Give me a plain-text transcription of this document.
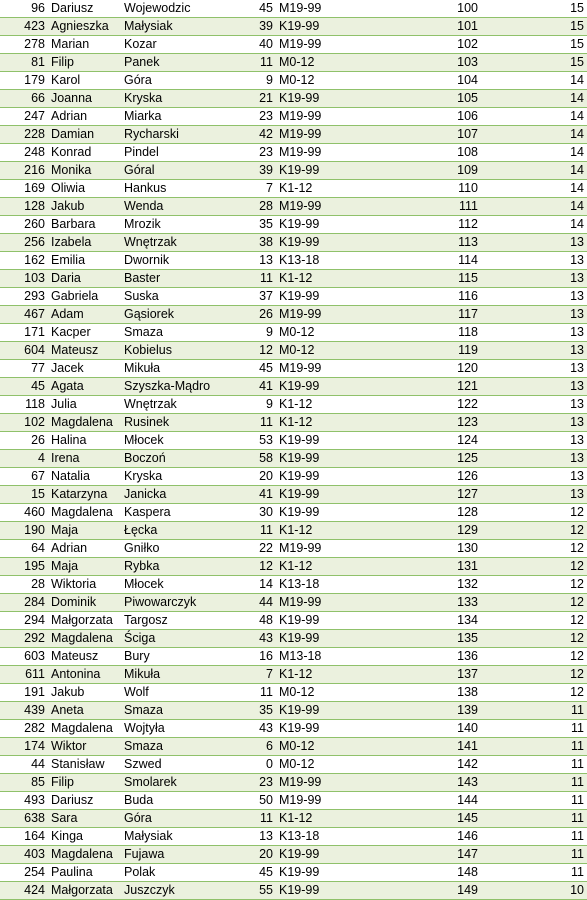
96	Dariusz	Wojewodzic	45	M19-99	100	15
423	Agnieszka	Małysiak	39	K19-99	101	15
278	Marian	Kozar	40	M19-99	102	15
81	Filip	Panek	11	M0-12	103	15
179	Karol	Góra	9	M0-12	104	14
66	Joanna	Kryska	21	K19-99	105	14
247	Adrian	Miarka	23	M19-99	106	14
228	Damian	Rycharski	42	M19-99	107	14
248	Konrad	Pindel	23	M19-99	108	14
216	Monika	Góral	39	K19-99	109	14
169	Oliwia	Hankus	7	K1-12	110	14
128	Jakub	Wenda	28	M19-99	111	14
260	Barbara	Mrozik	35	K19-99	112	14
256	Izabela	Wnętrzak	38	K19-99	113	13
162	Emilia	Dwornik	13	K13-18	114	13
103	Daria	Baster	11	K1-12	115	13
293	Gabriela	Suska	37	K19-99	116	13
467	Adam	Gąsiorek	26	M19-99	117	13
171	Kacper	Smaza	9	M0-12	118	13
604	Mateusz	Kobielus	12	M0-12	119	13
77	Jacek	Mikuła	45	M19-99	120	13
45	Agata	Szyszka-Mądro	41	K19-99	121	13
118	Julia	Wnętrzak	9	K1-12	122	13
102	Magdalena	Rusinek	11	K1-12	123	13
26	Halina	Młocek	53	K19-99	124	13
4	Irena	Boczoń	58	K19-99	125	13
67	Natalia	Kryska	20	K19-99	126	13
15	Katarzyna	Janicka	41	K19-99	127	13
460	Magdalena	Kaspera	30	K19-99	128	12
190	Maja	Łęcka	11	K1-12	129	12
64	Adrian	Gniłko	22	M19-99	130	12
195	Maja	Rybka	12	K1-12	131	12
28	Wiktoria	Młocek	14	K13-18	132	12
284	Dominik	Piwowarczyk	44	M19-99	133	12
294	Małgorzata	Targosz	48	K19-99	134	12
292	Magdalena	Ściga	43	K19-99	135	12
603	Mateusz	Bury	16	M13-18	136	12
611	Antonina	Mikuła	7	K1-12	137	12
191	Jakub	Wolf	11	M0-12	138	12
439	Aneta	Smaza	35	K19-99	139	11
282	Magdalena	Wojtyła	43	K19-99	140	11
174	Wiktor	Smaza	6	M0-12	141	11
44	Stanisław	Szwed	0	M0-12	142	11
85	Filip	Smolarek	23	M19-99	143	11
493	Dariusz	Buda	50	M19-99	144	11
638	Sara	Góra	11	K1-12	145	11
164	Kinga	Małysiak	13	K13-18	146	11
403	Magdalena	Fujawa	20	K19-99	147	11
254	Paulina	Polak	45	K19-99	148	11
424	Małgorzata	Juszczyk	55	K19-99	149	10
